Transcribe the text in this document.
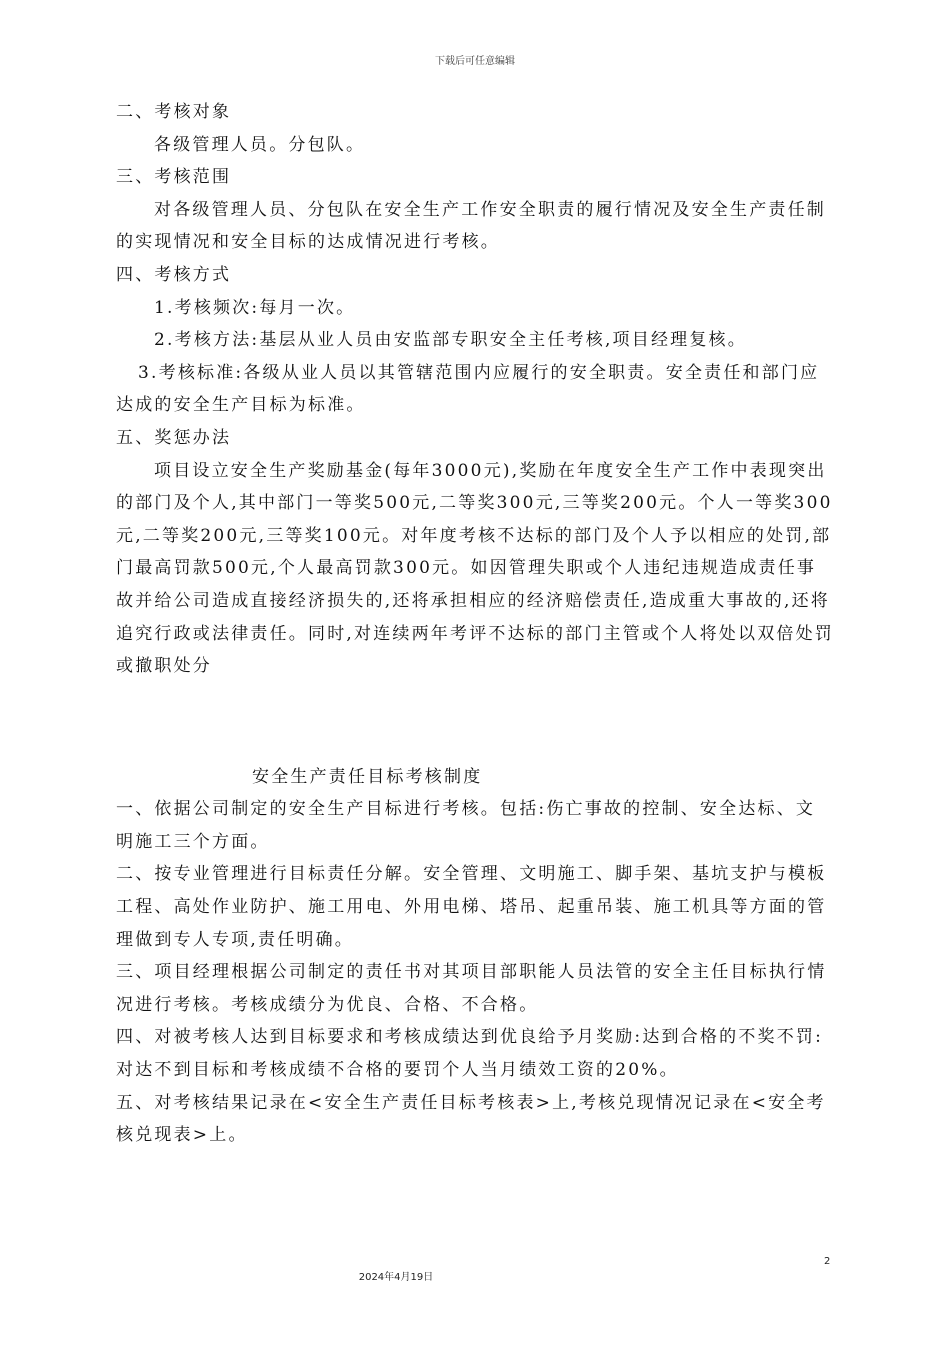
下载后可任意编辑

二、考核对象

各级管理人员。分包队。

三、考核范围

对各级管理人员、分包队在安全生产工作安全职责的履行情况及安全生产责任制的实现情况和安全目标的达成情况进行考核。

四、考核方式

1.考核频次:每月一次。

2.考核方法:基层从业人员由安监部专职安全主任考核,项目经理复核。

3.考核标准:各级从业人员以其管辖范围内应履行的安全职责。安全责任和部门应达成的安全生产目标为标准。

五、奖惩办法

项目设立安全生产奖励基金(每年3000元),奖励在年度安全生产工作中表现突出的部门及个人,其中部门一等奖500元,二等奖300元,三等奖200元。个人一等奖300元,二等奖200元,三等奖100元。对年度考核不达标的部门及个人予以相应的处罚,部门最高罚款500元,个人最高罚款300元。如因管理失职或个人违纪违规造成责任事故并给公司造成直接经济损失的,还将承担相应的经济赔偿责任,造成重大事故的,还将追究行政或法律责任。同时,对连续两年考评不达标的部门主管或个人将处以双倍处罚或撤职处分

安全生产责任目标考核制度

一、依据公司制定的安全生产目标进行考核。包括:伤亡事故的控制、安全达标、文明施工三个方面。

二、按专业管理进行目标责任分解。安全管理、文明施工、脚手架、基坑支护与模板工程、高处作业防护、施工用电、外用电梯、塔吊、起重吊装、施工机具等方面的管理做到专人专项,责任明确。

三、项目经理根据公司制定的责任书对其项目部职能人员法管的安全主任目标执行情况进行考核。考核成绩分为优良、合格、不合格。

四、对被考核人达到目标要求和考核成绩达到优良给予月奖励:达到合格的不奖不罚:对达不到目标和考核成绩不合格的要罚个人当月绩效工资的20%。

五、对考核结果记录在<安全生产责任目标考核表>上,考核兑现情况记录在<安全考核兑现表>上。

2
2024年4月19日
